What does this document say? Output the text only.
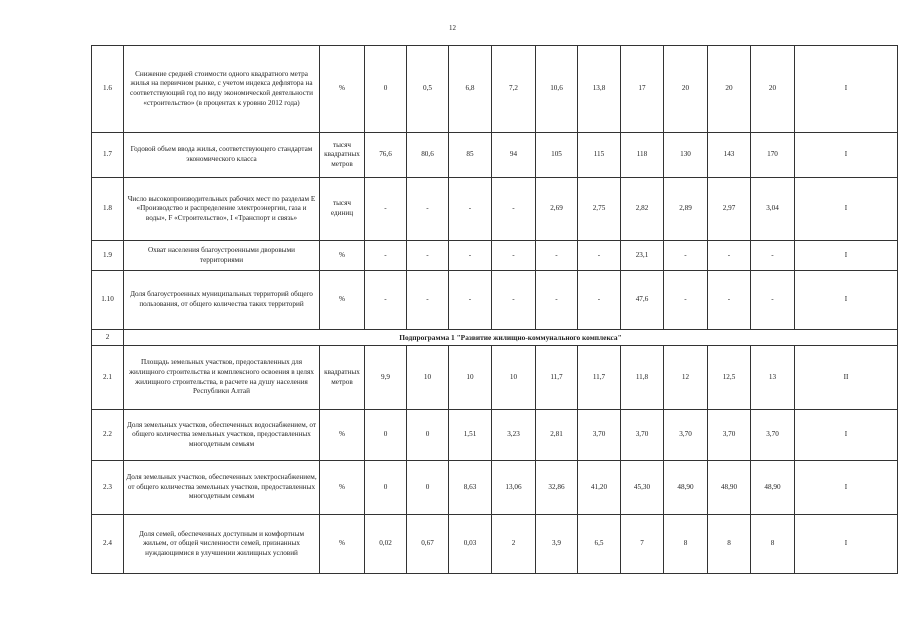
12
1.6	Снижение средней стоимости одного квадратного метра жилья на первичном рынке, с учетом индекса дефлятора на соответствующий год по виду экономической деятельности «строительство» (в процентах к уровню 2012 года)	%	0	0,5	6,8	7,2	10,6	13,8	17	20	20	20	I
1.7	Годовой объем ввода жилья, соответствующего стандартам экономического класса	тысяч квадратных метров	76,6	80,6	85	94	105	115	118	130	143	170	I
1.8	Число высокопроизводительных рабочих мест по разделам Е «Производство и распределение электроэнергии, газа и воды», F «Строительство», I «Транспорт и связь»	тысяч единиц	-	-	-	-	2,69	2,75	2,82	2,89	2,97	3,04	I
1.9	Охват населения благоустроенными дворовыми территориями	%	-	-	-	-	-	-	23,1	-	-	-	I
1.10	Доля благоустроенных муниципальных территорий общего пользования, от общего количества таких территорий	%	-	-	-	-	-	-	47,6	-	-	-	I
2	Подпрограмма 1 "Развитие жилищно-коммунального комплекса"												
2.1	Площадь земельных участков, предоставленных для жилищного строительства и комплексного освоения в целях жилищного строительства, в расчете на душу населения Республики Алтай	квадратных метров	9,9	10	10	10	11,7	11,7	11,8	12	12,5	13	II
2.2	Доля земельных участков, обеспеченных водоснабжением, от общего количества земельных участков, предоставленных многодетным семьям	%	0	0	1,51	3,23	2,81	3,70	3,70	3,70	3,70	3,70	I
2.3	Доля земельных участков, обеспеченных электроснабжением, от общего количества земельных участков, предоставленных многодетным семьям	%	0	0	8,63	13,06	32,86	41,20	45,30	48,90	48,90	48,90	I
2.4	Доля семей, обеспеченных доступным и комфортным жильем, от общей численности семей, признанных нуждающимися в улучшении жилищных условий	%	0,02	0,67	0,03	2	3,9	6,5	7	8	8	8	I
